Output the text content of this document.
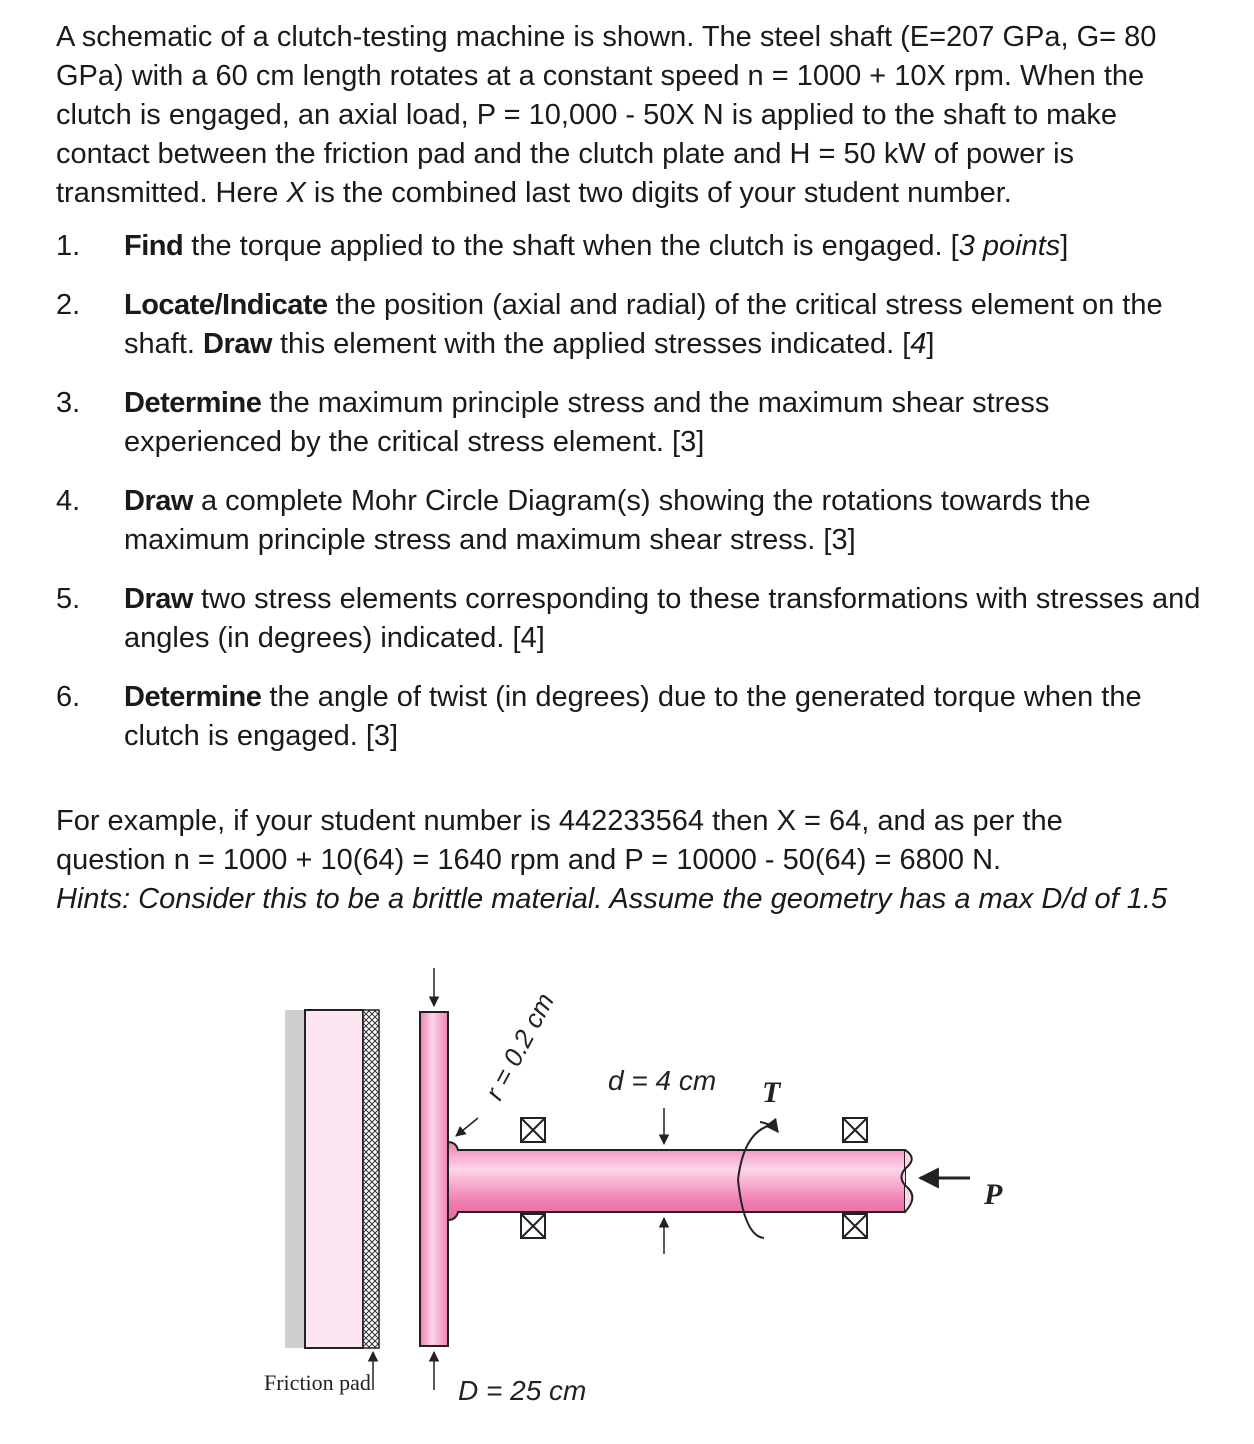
A schematic of a clutch-testing machine is shown. The steel shaft (E=207 GPa, G= 80
GPa) with a 60 cm length rotates at a constant speed n = 1000 + 10X rpm. When the
clutch is engaged, an axial load, P = 10,000 - 50X N is applied to the shaft to make
contact between the friction pad and the clutch plate and H = 50 kW of power is
transmitted. Here X is the combined last two digits of your student number.

1.	Find the torque applied to the shaft when the clutch is engaged. [3 points]
2.	Locate/Indicate the position (axial and radial) of the critical stress element on the shaft. Draw this element with the applied stresses indicated. [4]
3.	Determine the maximum principle stress and the maximum shear stress experienced by the critical stress element. [3]
4.	Draw a complete Mohr Circle Diagram(s) showing the rotations towards the maximum principle stress and maximum shear stress. [3]
5.	Draw two stress elements corresponding to these transformations with stresses and angles (in degrees) indicated. [4]
6.	Determine the angle of twist (in degrees) due to the generated torque when the clutch is engaged. [3]

For example, if your student number is 442233564 then X = 64, and as per the
question n = 1000 + 10(64) = 1640 rpm and P = 10000 - 50(64) = 6800 N.
Hints: Consider this to be a brittle material. Assume the geometry has a max D/d of 1.5

Friction pad	D = 25 cm
d = 4 cm
r = 0.2 cm	T
P
